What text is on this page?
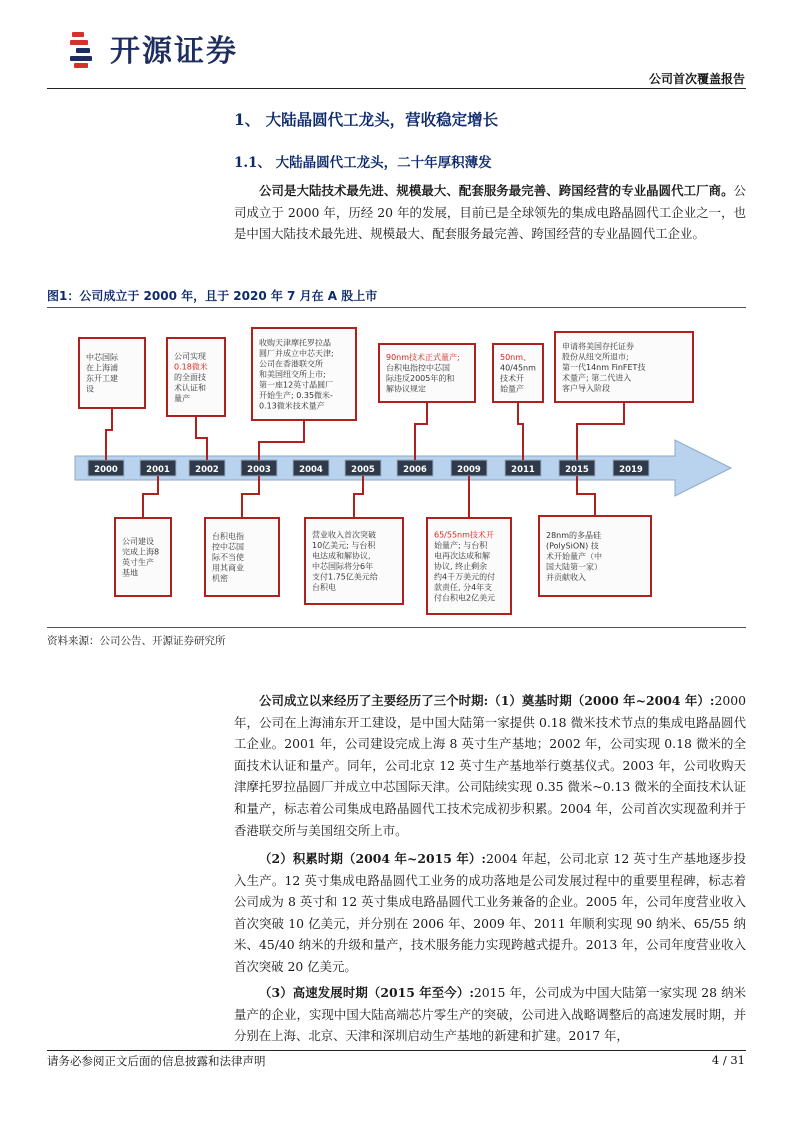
开源证券
公司首次覆盖报告
1、 大陆晶圆代工龙头，营收稳定增长
1.1、 大陆晶圆代工龙头，二十年厚积薄发
公司是大陆技术最先进、规模最大、配套服务最完善、跨国经营的专业晶圆代工厂商。公司成立于 2000 年，历经 20 年的发展，目前已是全球领先的集成电路晶圆代工企业之一，也是中国大陆技术最先进、规模最大、配套服务最完善、跨国经营的专业晶圆代工企业。
图1：公司成立于 2000 年，且于 2020 年 7 月在 A 股上市
2000	2001	2002	2003	2004	2005	2006	2009	2011	2015	2019
中芯国际
在上海浦
东开工建
设
公司实现
0.18微米
的全面技
术认证和
量产
收购天津摩托罗拉晶
圆厂并成立中芯天津;
公司在香港联交所
和美国纽交所上市;
第一座12英寸晶圆厂
开始生产; 0.35微米-
0.13微米技术量产
90nm技术正式量产;
台积电指控中芯国
际违反2005年的和
解协议规定
50nm、
40/45nm
技术开
始量产
申请将美国存托证券
股份从纽交所退市;
第一代14nm FinFET技
术量产; 第二代进入
客户导入阶段
公司建设
完成上海8
英寸生产
基地
台积电指
控中芯国
际不当使
用其商业
机密
营业收入首次突破
10亿美元; 与台积
电达成和解协议,
中芯国际将分6年
支付1.75亿美元给
台积电
65/55nm技术开
始量产; 与台积
电再次达成和解
协议, 终止剩余
约4千万美元的付
款责任, 分4年支
付台积电2亿美元
28nm的多晶硅
(PolySiON) 技
术开始量产（中
国大陆第一家）
并贡献收入
资料来源：公司公告、开源证券研究所
公司成立以来经历了主要经历了三个时期:（1）奠基时期（2000 年~2004 年）:2000 年，公司在上海浦东开工建设，是中国大陆第一家提供 0.18 微米技术节点的集成电路晶圆代工企业。2001 年，公司建设完成上海 8 英寸生产基地；2002 年，公司实现 0.18 微米的全面技术认证和量产。同年，公司北京 12 英寸生产基地举行奠基仪式。2003 年，公司收购天津摩托罗拉晶圆厂并成立中芯国际天津。公司陆续实现 0.35 微米~0.13 微米的全面技术认证和量产，标志着公司集成电路晶圆代工技术完成初步积累。2004 年，公司首次实现盈利并于香港联交所与美国纽交所上市。
（2）积累时期（2004 年~2015 年）:2004 年起，公司北京 12 英寸生产基地逐步投入生产。12 英寸集成电路晶圆代工业务的成功落地是公司发展过程中的重要里程碑，标志着公司成为 8 英寸和 12 英寸集成电路晶圆代工业务兼备的企业。2005 年，公司年度营业收入首次突破 10 亿美元，并分别在 2006 年、2009 年、2011 年顺利实现 90 纳米、65/55 纳米、45/40 纳米的升级和量产，技术服务能力实现跨越式提升。2013 年，公司年度营业收入首次突破 20 亿美元。
（3）高速发展时期（2015 年至今）:2015 年，公司成为中国大陆第一家实现 28 纳米量产的企业，实现中国大陆高端芯片零生产的突破，公司进入战略调整后的高速发展时期，并分别在上海、北京、天津和深圳启动生产基地的新建和扩建。2017 年，
请务必参阅正文后面的信息披露和法律声明	4 / 31
